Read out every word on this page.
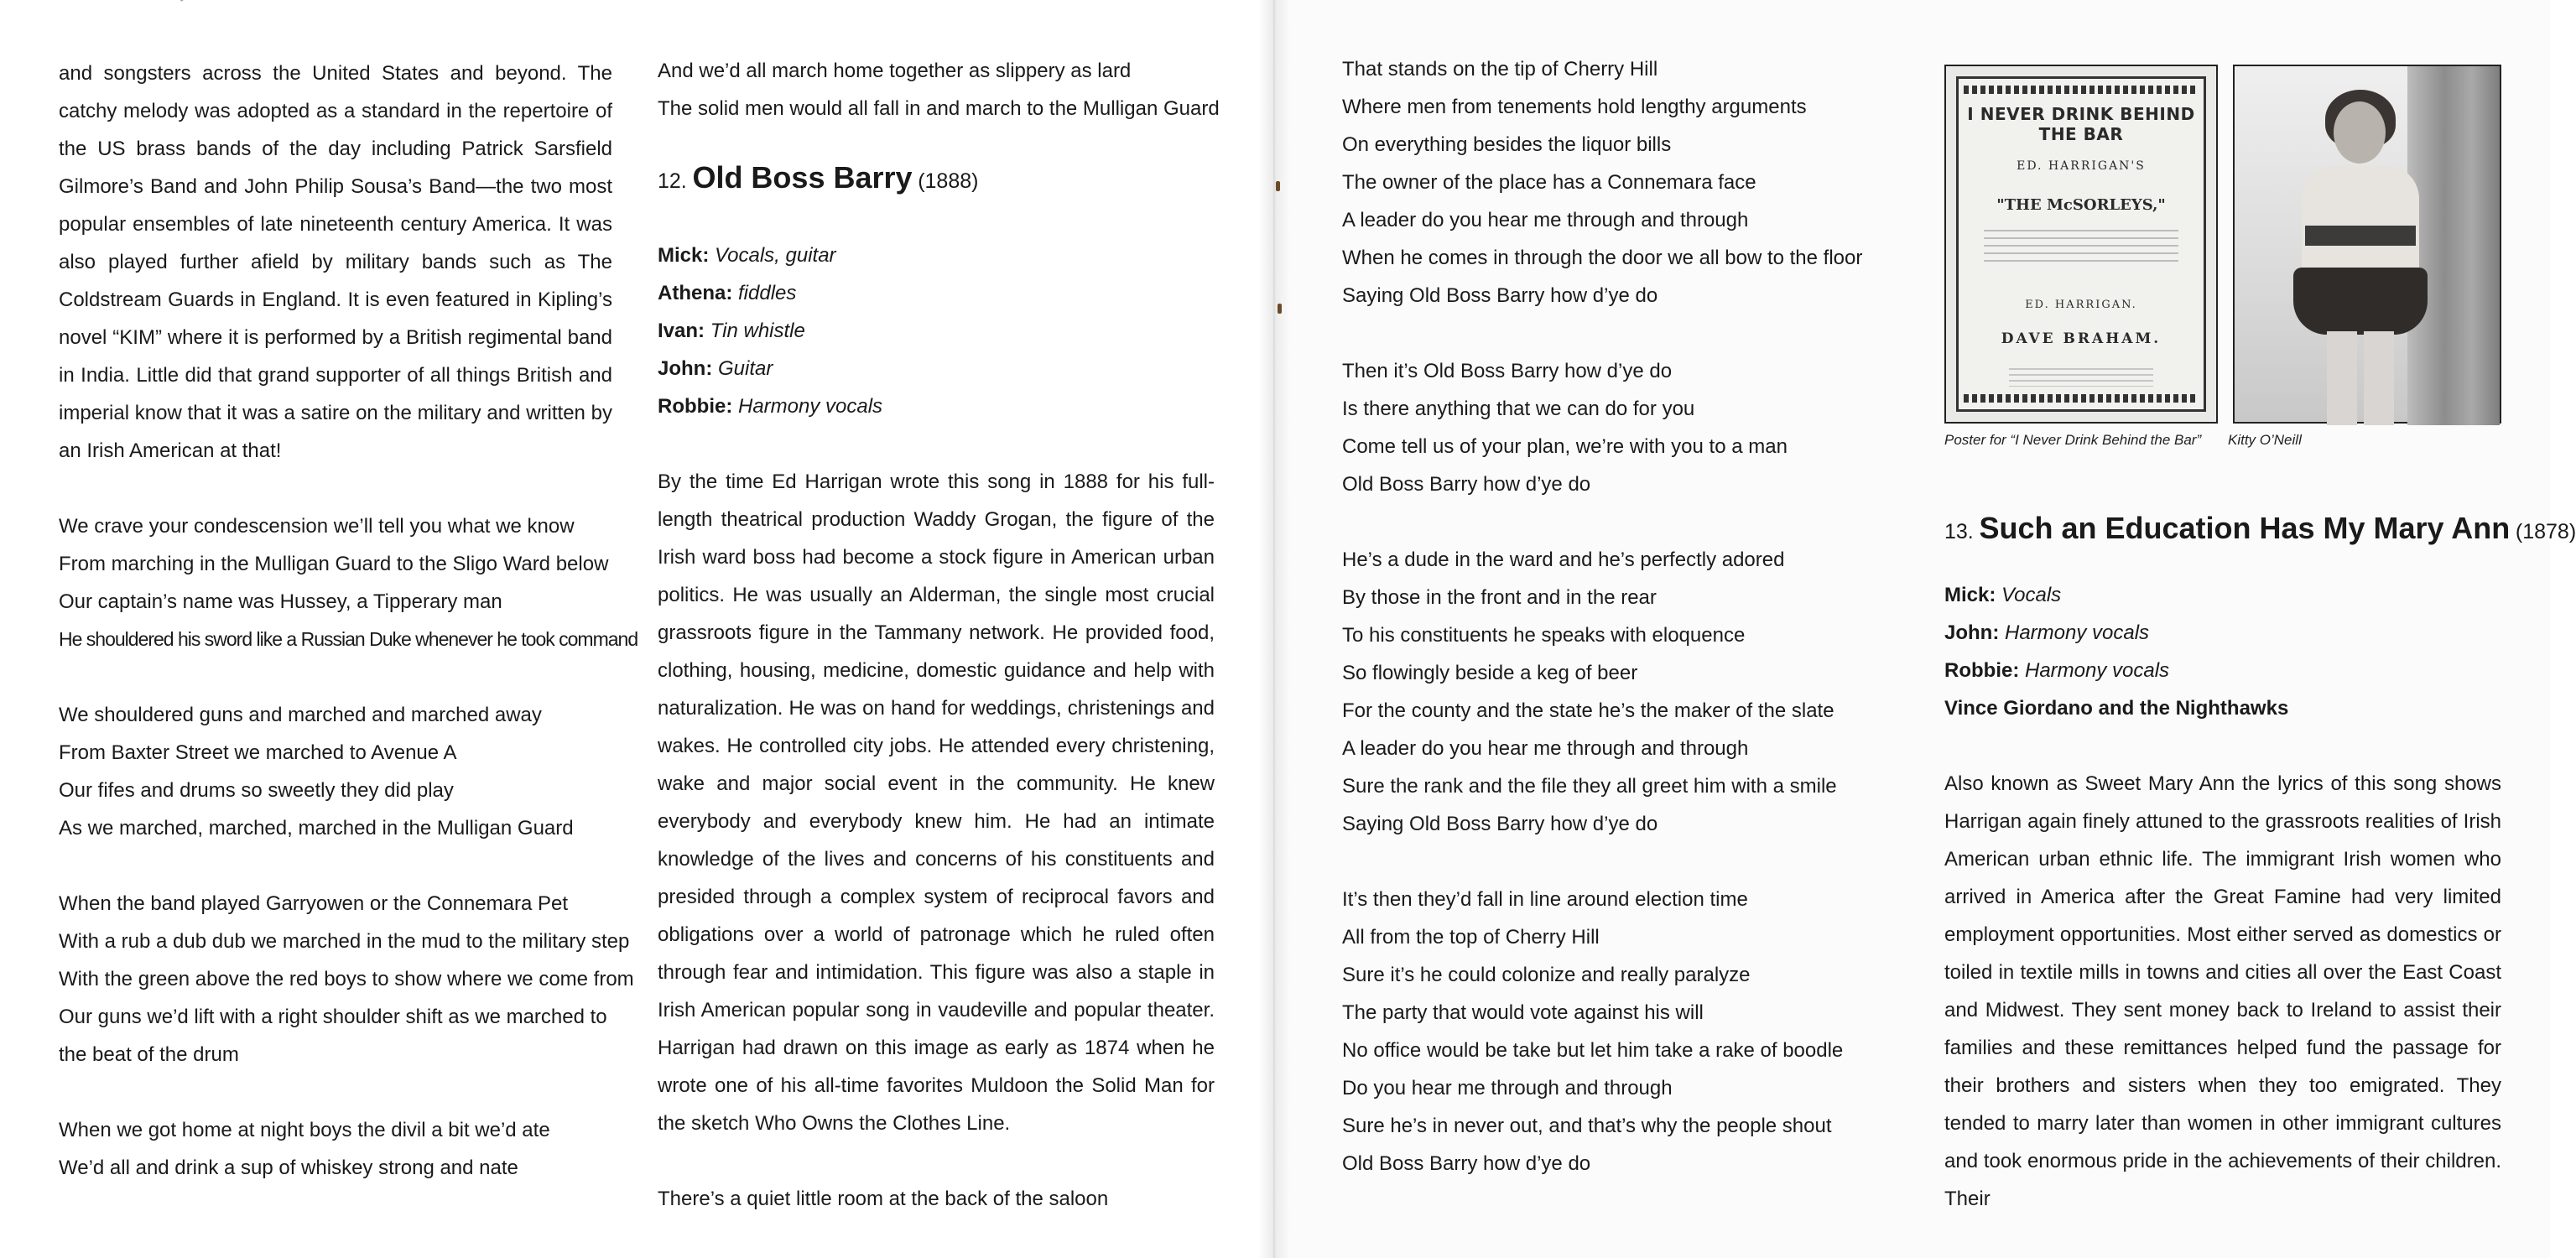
and songsters across the United States and beyond. The catchy melody was adopted as a standard in the repertoire of the US brass bands of the day including Patrick Sarsfield Gilmore’s Band and John Philip Sousa’s Band—the two most popular ensembles of late nineteenth century America. It was also played further afield by military bands such as The Coldstream Guards in England. It is even featured in Kipling’s novel “KIM” where it is performed by a British regimental band in India. Little did that grand supporter of all things British and imperial know that it was a satire on the military and written by an Irish American at that!

We crave your condescension we’ll tell you what we know
From marching in the Mulligan Guard to the Sligo Ward below
Our captain’s name was Hussey, a Tipperary man
He shouldered his sword like a Russian Duke whenever he took command
We shouldered guns and marched and marched away
From Baxter Street we marched to Avenue A
Our fifes and drums so sweetly they did play
As we marched, marched, marched in the Mulligan Guard
When the band played Garryowen or the Connemara Pet
With a rub a dub dub we marched in the mud to the military step
With the green above the red boys to show where we come from
Our guns we’d lift with a right shoulder shift as we marched to
the beat of the drum
When we got home at night boys the divil a bit we’d ate
We’d all and drink a sup of whiskey strong and nate
And we’d all march home together as slippery as lard
The solid men would all fall in and march to the Mulligan Guard
12. Old Boss Barry (1888)
Mick: Vocals, guitar
Athena: fiddles
Ivan: Tin whistle
John: Guitar
Robbie: Harmony vocals

By the time Ed Harrigan wrote this song in 1888 for his full-length theatrical production Waddy Grogan, the figure of the Irish ward boss had become a stock figure in American urban politics. He was usually an Alderman, the single most crucial grassroots figure in the Tammany network. He provided food, clothing, housing, medicine, domestic guidance and help with naturalization. He was on hand for weddings, christenings and wakes. He controlled city jobs. He attended every christening, wake and major social event in the community. He knew everybody and everybody knew him. He had an intimate knowledge of the lives and concerns of his constituents and presided through a complex system of reciprocal favors and obligations over a world of patronage which he ruled often through fear and intimidation. This figure was also a staple in Irish American popular song in vaudeville and popular theater. Harrigan had drawn on this image as early as 1874 when he wrote one of his all-time favorites Muldoon the Solid Man for the sketch Who Owns the Clothes Line.

There’s a quiet little room at the back of the saloon
That stands on the tip of Cherry Hill
Where men from tenements hold lengthy arguments
On everything besides the liquor bills
The owner of the place has a Connemara face
A leader do you hear me through and through
When he comes in through the door we all bow to the floor
Saying Old Boss Barry how d’ye do
Then it’s Old Boss Barry how d’ye do
Is there anything that we can do for you
Come tell us of your plan, we’re with you to a man
Old Boss Barry how d’ye do
He’s a dude in the ward and he’s perfectly adored
By those in the front and in the rear
To his constituents he speaks with eloquence
So flowingly beside a keg of beer
For the county and the state he’s the maker of the slate
A leader do you hear me through and through
Sure the rank and the file they all greet him with a smile
Saying Old Boss Barry how d’ye do
It’s then they’d fall in line around election time
All from the top of Cherry Hill
Sure it’s he could colonize and really paralyze
The party that would vote against his will
No office would be take but let him take a rake of boodle
Do you hear me through and through
Sure he’s in never out, and that’s why the people shout
Old Boss Barry how d’ye do
I NEVER DRINK BEHIND THE BAR
ED. HARRIGAN'S
"THE McSORLEYS,"
ED. HARRIGAN.
DAVE BRAHAM.
Poster for “I Never Drink Behind the Bar” Kitty O’Neill
13. Such an Education Has My Mary Ann (1878)
Mick: Vocals
John: Harmony vocals
Robbie: Harmony vocals
Vince Giordano and the Nighthawks

Also known as Sweet Mary Ann the lyrics of this song shows Harrigan again finely attuned to the grassroots realities of Irish American urban ethnic life. The immigrant Irish women who arrived in America after the Great Famine had very limited employment opportunities. Most either served as domestics or toiled in textile mills in towns and cities all over the East Coast and Midwest. They sent money back to Ireland to assist their families and these remittances helped fund the passage for their brothers and sisters when they too emigrated. They tended to marry later than women in other immigrant cultures and took enormous pride in the achievements of their children. Their
